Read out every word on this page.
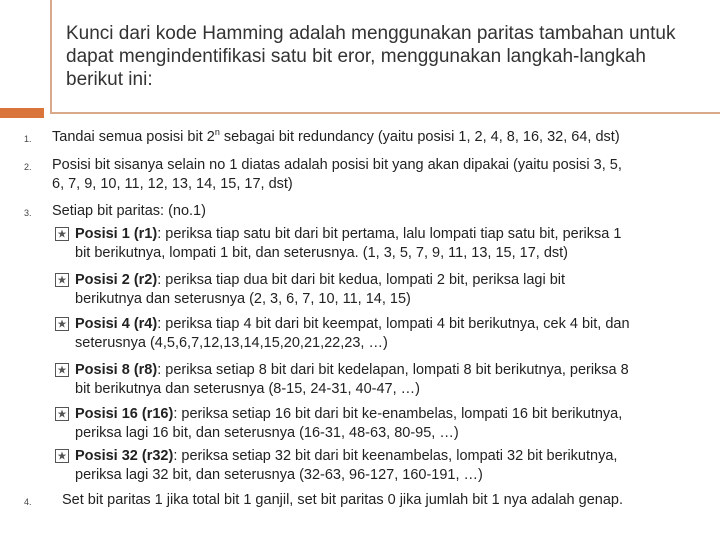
Kunci dari kode Hamming adalah menggunakan paritas tambahan untuk dapat mengindentifikasi satu bit eror, menggunakan langkah-langkah berikut ini:
1. Tandai semua posisi bit 2$^n$ sebagai bit redundancy (yaitu posisi 1, 2, 4, 8, 16, 32, 64, dst)
2. Posisi bit sisanya selain no 1 diatas adalah posisi bit yang akan dipakai (yaitu posisi 3, 5,
6, 7, 9, 10, 11, 12, 13, 14, 15, 17, dst)
3. Setiap bit paritas: (no.1)
Posisi 1 (r1): periksa tiap satu bit dari bit pertama, lalu lompati tiap satu bit, periksa 1
bit berikutnya, lompati 1 bit, dan seterusnya. (1, 3, 5, 7, 9, 11, 13, 15, 17, dst)
Posisi 2 (r2): periksa tiap dua bit dari bit kedua, lompati 2 bit, periksa lagi bit
berikutnya dan seterusnya (2, 3, 6, 7, 10, 11, 14, 15)
Posisi 4 (r4): periksa tiap 4 bit dari bit keempat, lompati 4 bit berikutnya, cek 4 bit, dan
seterusnya (4,5,6,7,12,13,14,15,20,21,22,23, …)
Posisi 8 (r8): periksa setiap 8 bit dari bit kedelapan, lompati 8 bit berikutnya, periksa 8
bit berikutnya dan seterusnya (8-15, 24-31, 40-47, …)
Posisi 16 (r16): periksa setiap 16 bit dari bit ke-enambelas, lompati 16 bit berikutnya,
periksa lagi 16 bit, dan seterusnya (16-31, 48-63, 80-95, …)
Posisi 32 (r32): periksa setiap 32 bit dari bit keenambelas, lompati 32 bit berikutnya,
periksa lagi 32 bit, dan seterusnya (32-63, 96-127, 160-191, …)
4. Set bit paritas 1 jika total bit 1 ganjil, set bit paritas 0 jika jumlah bit 1 nya adalah genap.
